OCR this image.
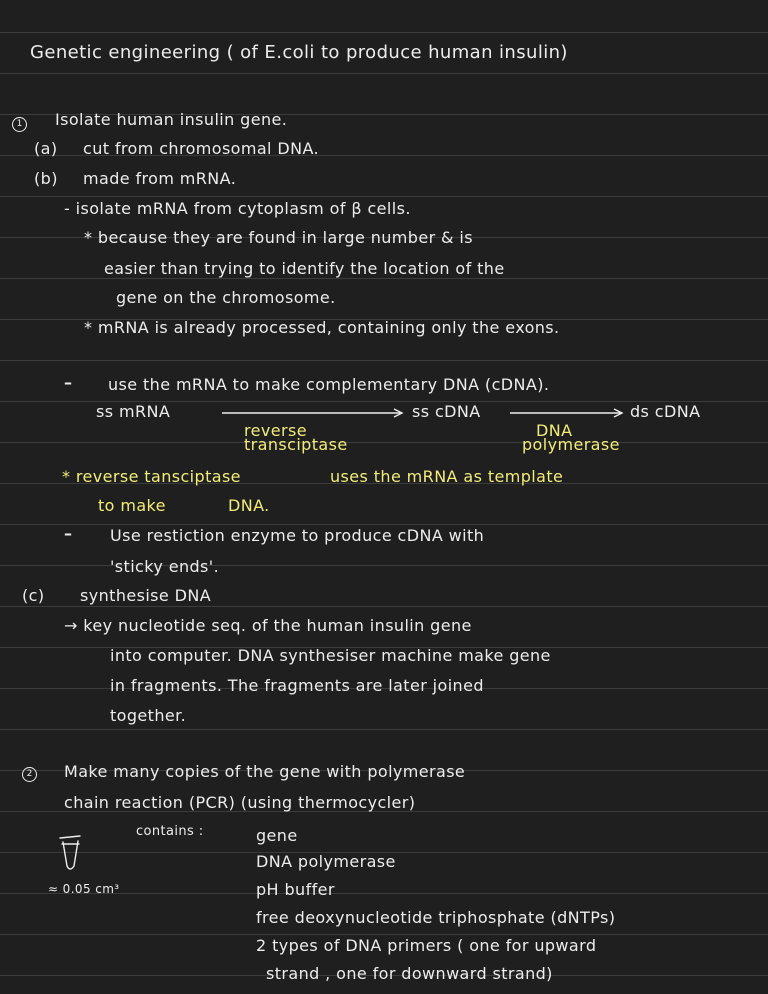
Genetic engineering ( of E.coli to produce human insulin)
1 Isolate human insulin gene.
(a) cut from chromosomal DNA.
(b) made from mRNA.
- isolate mRNA from cytoplasm of β cells.
* because they are found in large number & is
easier than trying to identify the location of the
gene on the chromosome.
* mRNA is already processed, containing only the exons.
– use the mRNA to make complementary DNA (cDNA).
ss mRNA	ss cDNA	ds cDNA
reverse
transciptase
DNA
polymerase
* reverse tansciptase	uses the mRNA as template
to make	DNA.
– Use restiction enzyme to produce cDNA with
'sticky ends'.
(c) synthesise DNA
→ key nucleotide seq. of the human insulin gene
into computer. DNA synthesiser machine make gene
in fragments. The fragments are later joined
together.
2 Make many copies of the gene with polymerase
chain reaction (PCR) (using thermocycler)
contains :
≈ 0.05 cm³
gene
DNA polymerase
pH buffer
free deoxynucleotide triphosphate (dNTPs)
2 types of DNA primers ( one for upward
strand , one for downward strand)
